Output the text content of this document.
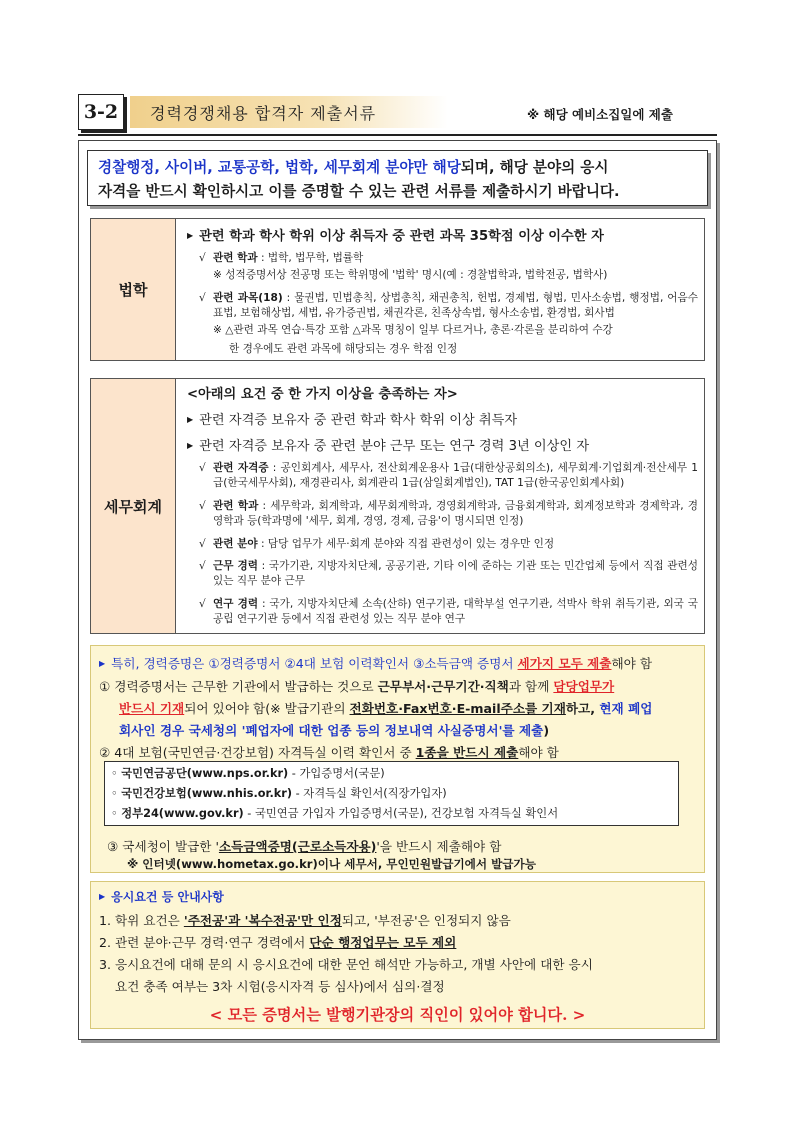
3-2	경력경쟁채용 합격자 제출서류	※ 해당 예비소집일에 제출
경찰행정, 사이버, 교통공학, 법학, 세무회계 분야만 해당되며, 해당 분야의 응시
자격을 반드시 확인하시고 이를 증명할 수 있는 관련 서류를 제출하시기 바랍니다.
법학
▶ 관련 학과 학사 학위 이상 취득자 중 관련 과목 35학점 이상 이수한 자
√ 관련 학과 : 법학, 법무학, 법률학
※ 성적증명서상 전공명 또는 학위명에 '법학' 명시(예 : 경찰법학과, 법학전공, 법학사)
√ 관련 과목(18) : 물권법, 민법총칙, 상법총칙, 채권총칙, 헌법, 경제법, 형법, 민사소송법, 행정법, 어음수표법, 보험해상법, 세법, 유가증권법, 채권각론, 친족상속법, 형사소송법, 환경법, 회사법
※ △관련 과목 연습·특강 포함 △과목 명칭이 일부 다르거나, 총론·각론을 분리하여 수강
한 경우에도 관련 과목에 해당되는 경우 학점 인정
세무회계
<아래의 요건 중 한 가지 이상을 충족하는 자>
▶ 관련 자격증 보유자 중 관련 학과 학사 학위 이상 취득자
▶ 관련 자격증 보유자 중 관련 분야 근무 또는 연구 경력 3년 이상인 자
√ 관련 자격증 : 공인회계사, 세무사, 전산회계운용사 1급(대한상공회의소), 세무회계·기업회계·전산세무 1급(한국세무사회), 재경관리사, 회계관리 1급(삼일회계법인), TAT 1급(한국공인회계사회)
√ 관련 학과 : 세무학과, 회계학과, 세무회계학과, 경영회계학과, 금융회계학과, 회계정보학과 경제학과, 경영학과 등(학과명에 '세무, 회계, 경영, 경제, 금융'이 명시되면 인정)
√ 관련 분야 : 담당 업무가 세무·회계 분야와 직접 관련성이 있는 경우만 인정
√ 근무 경력 : 국가기관, 지방자치단체, 공공기관, 기타 이에 준하는 기관 또는 민간업체 등에서 직접 관련성 있는 직무 분야 근무
√ 연구 경력 : 국가, 지방자치단체 소속(산하) 연구기관, 대학부설 연구기관, 석박사 학위 취득기관, 외국 국공립 연구기관 등에서 직접 관련성 있는 직무 분야 연구
▶ 특히, 경력증명은 ①경력증명서 ②4대 보험 이력확인서 ③소득금액 증명서 세가지 모두 제출해야 함
① 경력증명서는 근무한 기관에서 발급하는 것으로 근무부서·근무기간·직책과 함께 담당업무가
반드시 기재되어 있어야 함(※ 발급기관의 전화번호·Fax번호·E-mail주소를 기재하고, 현재 폐업
회사인 경우 국세청의 '폐업자에 대한 업종 등의 정보내역 사실증명서'를 제출)
② 4대 보험(국민연금·건강보험) 자격득실 이력 확인서 중 1종을 반드시 제출해야 함
③ 국세청이 발급한 '소득금액증명(근로소득자용)'을 반드시 제출해야 함
※ 인터넷(www.hometax.go.kr)이나 세무서, 무인민원발급기에서 발급가능
◦ 국민연금공단(www.nps.or.kr) - 가입증명서(국문)
◦ 국민건강보험(www.nhis.or.kr) - 자격득실 확인서(직장가입자)
◦ 정부24(www.gov.kr) - 국민연금 가입자 가입증명서(국문), 건강보험 자격득실 확인서
▶ 응시요건 등 안내사항
1. 학위 요건은 '주전공'과 '복수전공'만 인정되고, '부전공'은 인정되지 않음
2. 관련 분야·근무 경력·연구 경력에서 단순 행정업무는 모두 제외
3. 응시요건에 대해 문의 시 응시요건에 대한 문언 해석만 가능하고, 개별 사안에 대한 응시
요건 충족 여부는 3차 시험(응시자격 등 심사)에서 심의·결정
< 모든 증명서는 발행기관장의 직인이 있어야 합니다. >
